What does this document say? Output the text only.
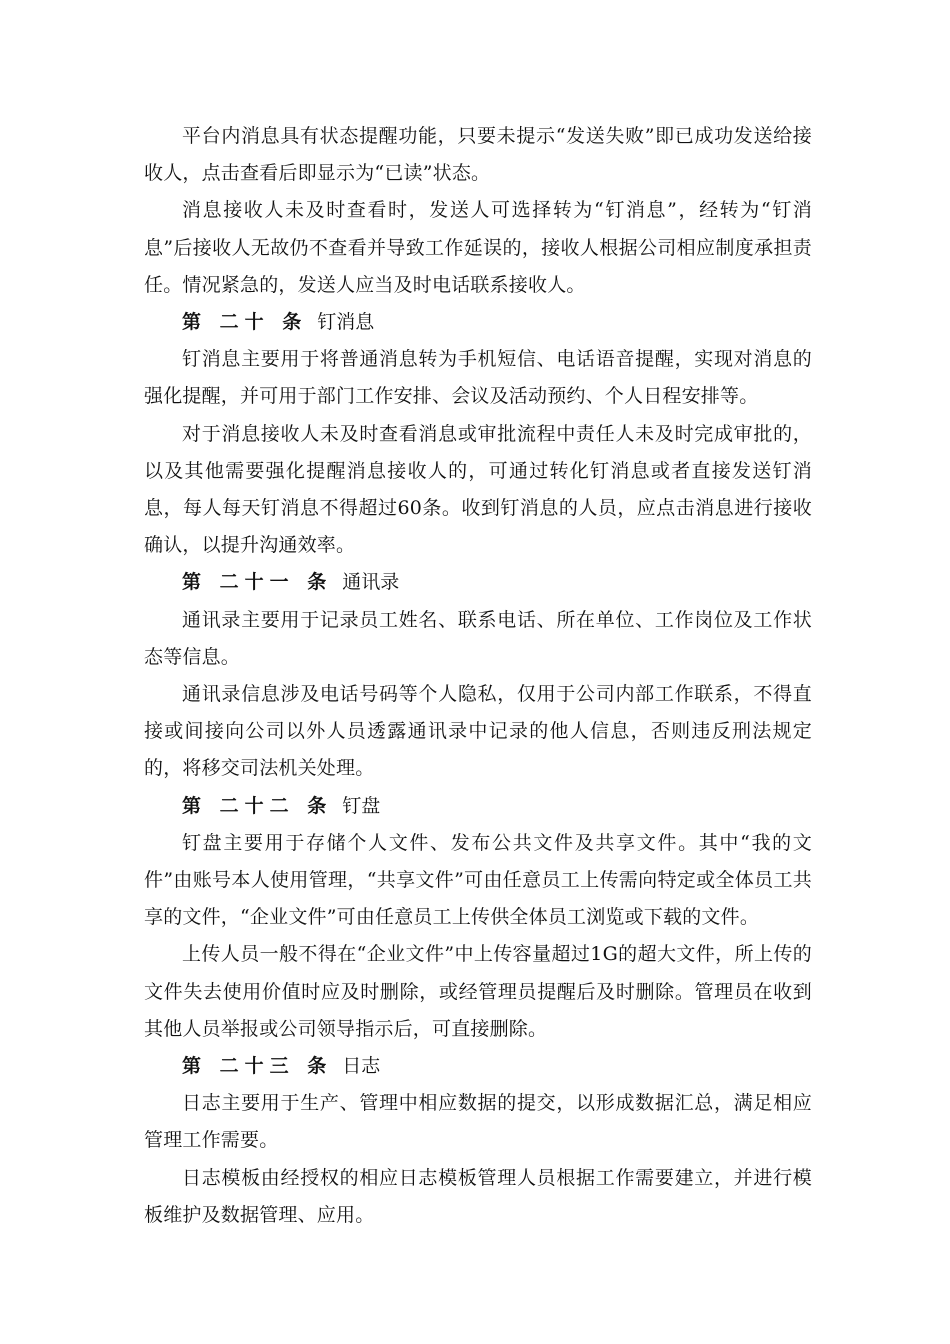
平台内消息具有状态提醒功能，只要未提示“发送失败”即已成功发送给接收人，点击查看后即显示为“已读”状态。

消息接收人未及时查看时，发送人可选择转为“钉消息”，经转为“钉消息”后接收人无故仍不查看并导致工作延误的，接收人根据公司相应制度承担责任。情况紧急的，发送人应当及时电话联系接收人。

第 二十 条 钉消息

钉消息主要用于将普通消息转为手机短信、电话语音提醒，实现对消息的强化提醒，并可用于部门工作安排、会议及活动预约、个人日程安排等。

对于消息接收人未及时查看消息或审批流程中责任人未及时完成审批的，以及其他需要强化提醒消息接收人的，可通过转化钉消息或者直接发送钉消息，每人每天钉消息不得超过60条。收到钉消息的人员，应点击消息进行接收确认，以提升沟通效率。

第 二十一 条 通讯录

通讯录主要用于记录员工姓名、联系电话、所在单位、工作岗位及工作状态等信息。

通讯录信息涉及电话号码等个人隐私，仅用于公司内部工作联系，不得直接或间接向公司以外人员透露通讯录中记录的他人信息，否则违反刑法规定的，将移交司法机关处理。

第 二十二 条 钉盘

钉盘主要用于存储个人文件、发布公共文件及共享文件。其中“我的文件”由账号本人使用管理，“共享文件”可由任意员工上传需向特定或全体员工共享的文件，“企业文件”可由任意员工上传供全体员工浏览或下载的文件。

上传人员一般不得在“企业文件”中上传容量超过1G的超大文件，所上传的文件失去使用价值时应及时删除，或经管理员提醒后及时删除。管理员在收到其他人员举报或公司领导指示后，可直接删除。

第 二十三 条 日志

日志主要用于生产、管理中相应数据的提交，以形成数据汇总，满足相应管理工作需要。

日志模板由经授权的相应日志模板管理人员根据工作需要建立，并进行模板维护及数据管理、应用。
